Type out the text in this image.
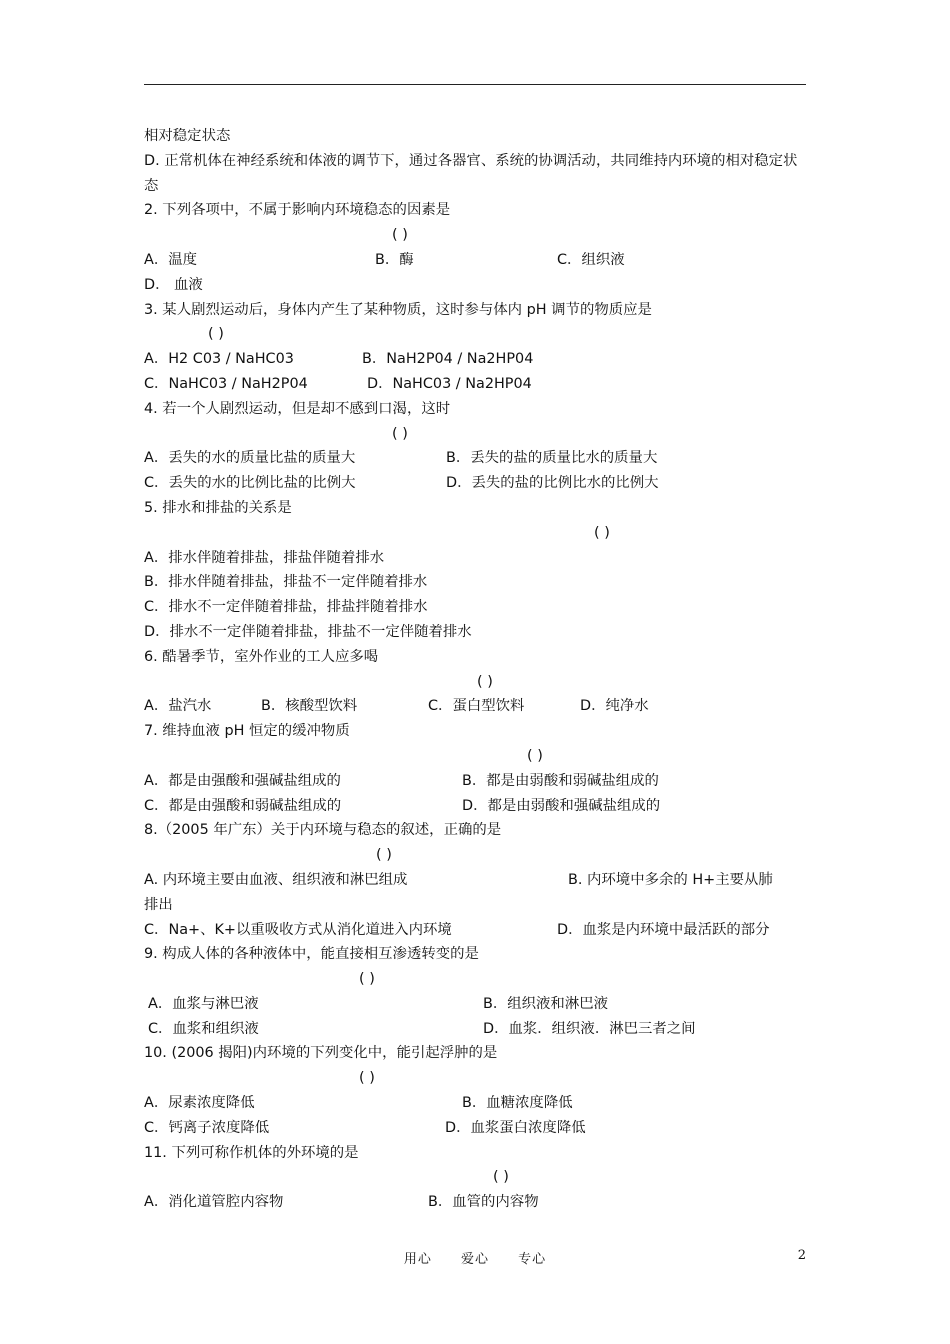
相对稳定状态
D. 正常机体在神经系统和体液的调节下，通过各器官、系统的协调活动，共同维持内环境的相对稳定状态
2. 下列各项中，不属于影响内环境稳态的因素是
( )
A．温度	B．酶	C．组织液
D． 血液
3. 某人剧烈运动后，身体内产生了某种物质，这时参与体内 pH 调节的物质应是
( )
A．H2 C03 / NaHC03	B．NaH2P04 / Na2HP04
C．NaHC03 / NaH2P04	D．NaHC03 / Na2HP04
4. 若一个人剧烈运动，但是却不感到口渴，这时
( )
A．丢失的水的质量比盐的质量大	B．丢失的盐的质量比水的质量大
C．丢失的水的比例比盐的比例大	D．丢失的盐的比例比水的比例大
5. 排水和排盐的关系是
( )
A．排水伴随着排盐，排盐伴随着排水
B．排水伴随着排盐，排盐不一定伴随着排水
C．排水不一定伴随着排盐，排盐拌随着排水
D．排水不一定伴随着排盐，排盐不一定伴随着排水
6. 酷暑季节，室外作业的工人应多喝
( )
A．盐汽水	B．核酸型饮料	C．蛋白型饮料	D．纯净水
7. 维持血液 pH 恒定的缓冲物质
( )
A．都是由强酸和强碱盐组成的	B．都是由弱酸和弱碱盐组成的
C．都是由强酸和弱碱盐组成的	D．都是由弱酸和强碱盐组成的
8.（2005 年广东）关于内环境与稳态的叙述，正确的是
( )
A. 内环境主要由血液、组织液和淋巴组成	B. 内环境中多余的 H+主要从肺
排出
C．Na+、K+以重吸收方式从消化道进入内环境	D．血浆是内环境中最活跃的部分
9. 构成人体的各种液体中，能直接相互渗透转变的是
( )
A．血浆与淋巴液	B．组织液和淋巴液
C．血浆和组织液	D．血浆．组织液．淋巴三者之间
10. (2006 揭阳)内环境的下列变化中，能引起浮肿的是
( )
A．尿素浓度降低	B．血糖浓度降低
C．钙离子浓度降低	D．血浆蛋白浓度降低
11. 下列可称作机体的外环境的是
( )
A．消化道管腔内容物	B．血管的内容物
用心 爱心 专心	2
